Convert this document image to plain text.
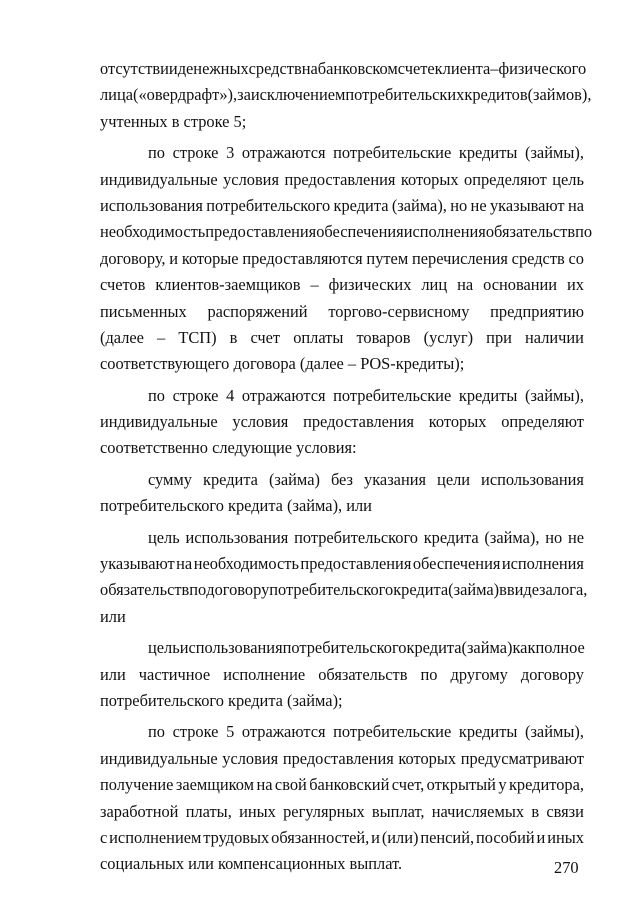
отсутствии денежных средств на банковском счете клиента – физического
лица («овердрафт»), за исключением потребительских кредитов (займов),
учтенных в строке 5;
по строке 3 отражаются потребительские кредиты (займы),
индивидуальные условия предоставления которых определяют цель
использования потребительского кредита (займа), но не указывают на
необходимость предоставления обеспечения исполнения обязательств по
договору, и которые предоставляются путем перечисления средств со
счетов клиентов-заемщиков – физических лиц на основании их
письменных распоряжений торгово-сервисному предприятию
(далее – ТСП) в счет оплаты товаров (услуг) при наличии
соответствующего договора (далее – POS-кредиты);
по строке 4 отражаются потребительские кредиты (займы),
индивидуальные условия предоставления которых определяют
соответственно следующие условия:
сумму кредита (займа) без указания цели использования
потребительского кредита (займа), или
цель использования потребительского кредита (займа), но не
указывают на необходимость предоставления обеспечения исполнения
обязательств по договору потребительского кредита (займа) в виде залога,
или
цель использования потребительского кредита (займа) как полное
или частичное исполнение обязательств по другому договору
потребительского кредита (займа);
по строке 5 отражаются потребительские кредиты (займы),
индивидуальные условия предоставления которых предусматривают
получение заемщиком на свой банковский счет, открытый у кредитора,
заработной платы, иных регулярных выплат, начисляемых в связи
с исполнением трудовых обязанностей, и (или) пенсий, пособий и иных
социальных или компенсационных выплат.	270
